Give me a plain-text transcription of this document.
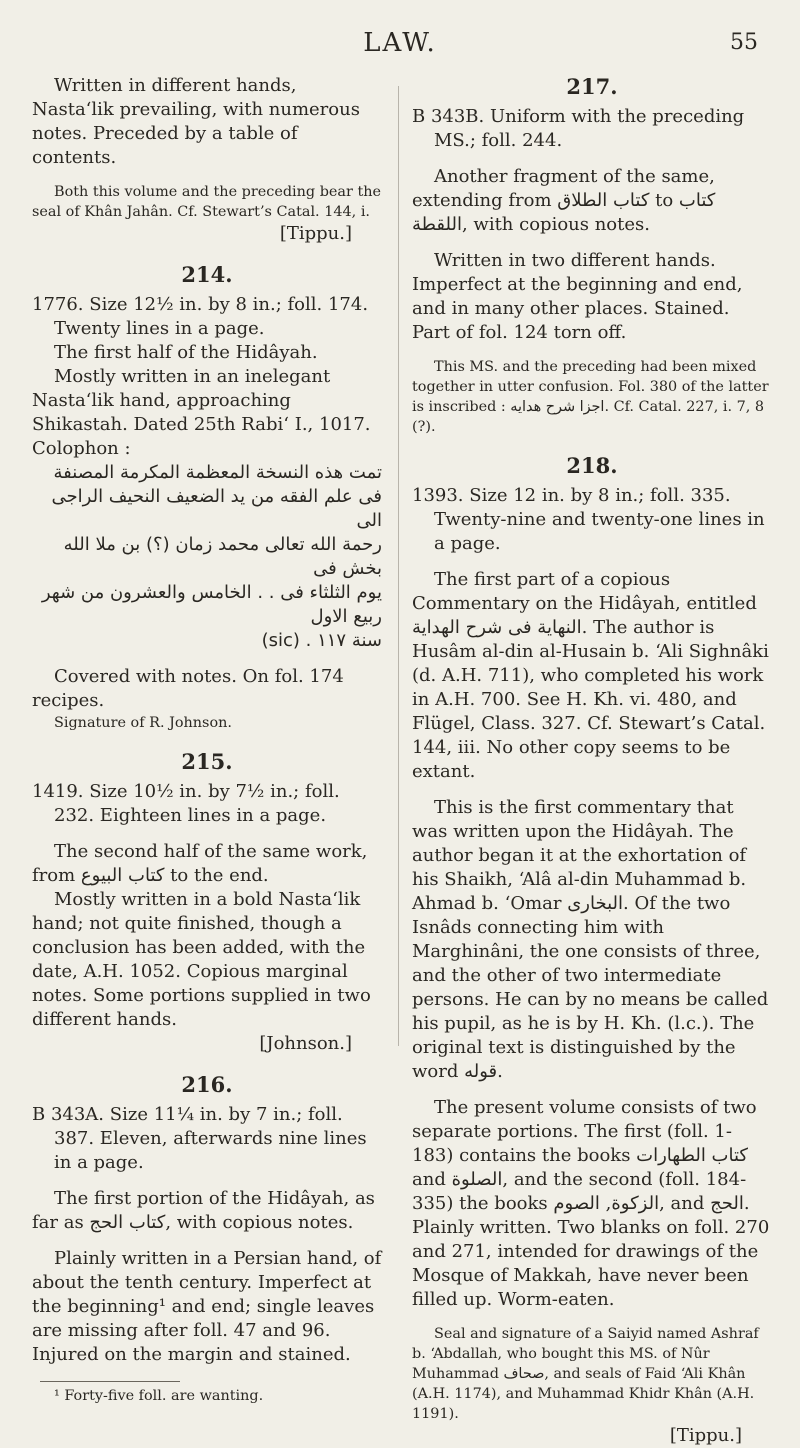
LAW.	55

Written in different hands, Nasta‘lik prevailing, with numerous notes. Preceded by a table of contents.

Both this volume and the preceding bear the seal of Khân Jahân. Cf. Stewart’s Catal. 144, i.

[Tippu.]

214.

1776. Size 12½ in. by 8 in.; foll. 174. Twenty lines in a page.

The first half of the Hidâyah.

Mostly written in an inelegant Nasta‘lik hand, approaching Shikastah. Dated 25th Rabi‘ I., 1017.

Colophon :

تمت هذه النسخة المعظمة المكرمة المصنفة

فى علم الفقه من يد الضعيف النحيف الراجى الى

رحمة الله تعالى محمد زمان (؟) بن ملا الله بخش فى

يوم الثلثاء فى . . الخامس والعشرون من شهر ربيع الاول

سنة ١١٧ . (sic)

Covered with notes. On fol. 174 recipes.

Signature of R. Johnson.

215.

1419. Size 10½ in. by 7½ in.; foll. 232. Eighteen lines in a page.

The second half of the same work, from كتاب البيوع to the end.

Mostly written in a bold Nasta‘lik hand; not quite finished, though a conclusion has been added, with the date, A.H. 1052. Copious marginal notes. Some portions supplied in two different hands.

[Johnson.]

216.

B 343A. Size 11¼ in. by 7 in.; foll. 387. Eleven, afterwards nine lines in a page.

The first portion of the Hidâyah, as far as كتاب الحج, with copious notes.

Plainly written in a Persian hand, of about the tenth century. Imperfect at the beginning¹ and end; single leaves are missing after foll. 47 and 96. Injured on the margin and stained.

¹ Forty-five foll. are wanting.

217.

B 343B. Uniform with the preceding MS.; foll. 244.

Another fragment of the same, extending from كتاب الطلاق to كتاب اللقطة, with copious notes.

Written in two different hands. Imperfect at the beginning and end, and in many other places. Stained. Part of fol. 124 torn off.

This MS. and the preceding had been mixed together in utter confusion. Fol. 380 of the latter is inscribed : اجزا شرح هدايه. Cf. Catal. 227, i. 7, 8 (?).

218.

1393. Size 12 in. by 8 in.; foll. 335. Twenty-nine and twenty-one lines in a page.

The first part of a copious Commentary on the Hidâyah, entitled النهاية فى شرح الهداية. The author is Husâm al-din al-Husain b. ‘Ali Sighnâki (d. A.H. 711), who completed his work in A.H. 700. See H. Kh. vi. 480, and Flügel, Class. 327. Cf. Stewart’s Catal. 144, iii. No other copy seems to be extant.

This is the first commentary that was written upon the Hidâyah. The author began it at the exhortation of his Shaikh, ‘Alâ al-din Muhammad b. Ahmad b. ‘Omar البخارى. Of the two Isnâds connecting him with Marghinâni, the one consists of three, and the other of two intermediate persons. He can by no means be called his pupil, as he is by H. Kh. (l.c.). The original text is distinguished by the word قوله.

The present volume consists of two separate portions. The first (foll. 1-183) contains the books كتاب الطهارات and الصلوة, and the second (foll. 184-335) the books الزكوة, الصوم, and الحج. Plainly written. Two blanks on foll. 270 and 271, intended for drawings of the Mosque of Makkah, have never been filled up. Worm-eaten.

Seal and signature of a Saiyid named Ashraf b. ‘Abdallah, who bought this MS. of Nûr Muhammad صحاف, and seals of Faid ‘Ali Khân (A.H. 1174), and Muhammad Khidr Khân (A.H. 1191).

[Tippu.]
